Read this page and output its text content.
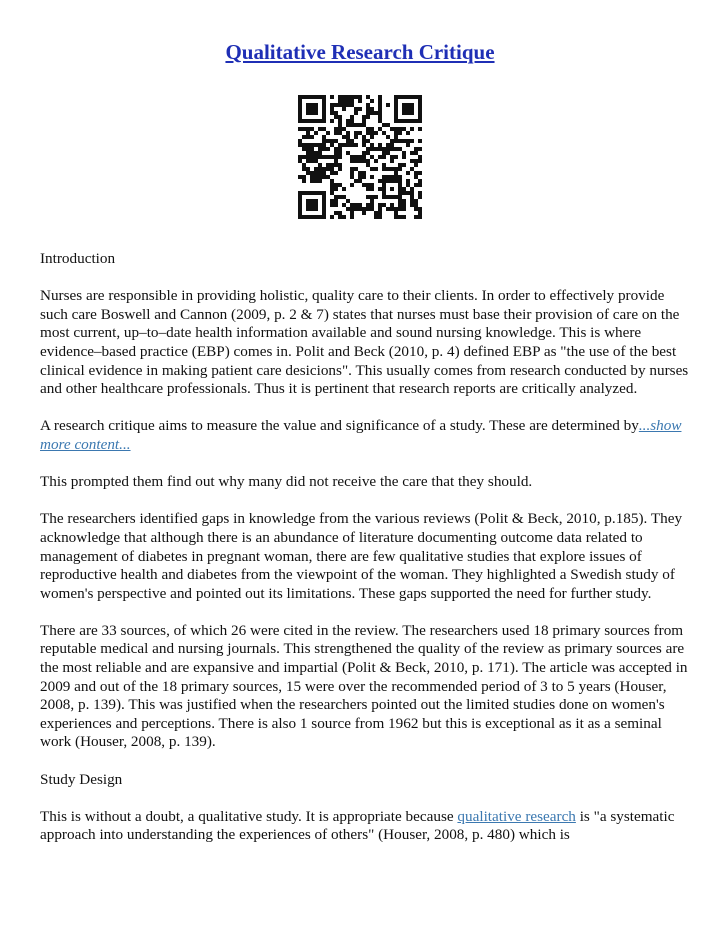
Qualitative Research Critique

Introduction

Nurses are responsible in providing holistic, quality care to their clients. In order to effectively provide such care Boswell and Cannon (2009, p. 2 & 7) states that nurses must base their provision of care on the most current, up–to–date health information available and sound nursing knowledge. This is where evidence–based practice (EBP) comes in. Polit and Beck (2010, p. 4) defined EBP as "the use of the best clinical evidence in making patient care desicions". This usually comes from research conducted by nurses and other healthcare professionals. Thus it is pertinent that research reports are critically analyzed.

A research critique aims to measure the value and significance of a study. These are determined by...show more content...

This prompted them find out why many did not receive the care that they should.

The researchers identified gaps in knowledge from the various reviews (Polit & Beck, 2010, p.185). They acknowledge that although there is an abundance of literature documenting outcome data related to management of diabetes in pregnant woman, there are few qualitative studies that explore issues of reproductive health and diabetes from the viewpoint of the woman. They highlighted a Swedish study of women's perspective and pointed out its limitations. These gaps supported the need for further study.

There are 33 sources, of which 26 were cited in the review. The researchers used 18 primary sources from reputable medical and nursing journals. This strengthened the quality of the review as primary sources are the most reliable and are expansive and impartial (Polit & Beck, 2010, p. 171). The article was accepted in 2009 and out of the 18 primary sources, 15 were over the recommended period of 3 to 5 years (Houser, 2008, p. 139). This was justified when the researchers pointed out the limited studies done on women's experiences and perceptions. There is also 1 source from 1962 but this is exceptional as it as a seminal work (Houser, 2008, p. 139).

Study Design

This is without a doubt, a qualitative study. It is appropriate because qualitative research is "a systematic approach into understanding the experiences of others" (Houser, 2008, p. 480) which is
